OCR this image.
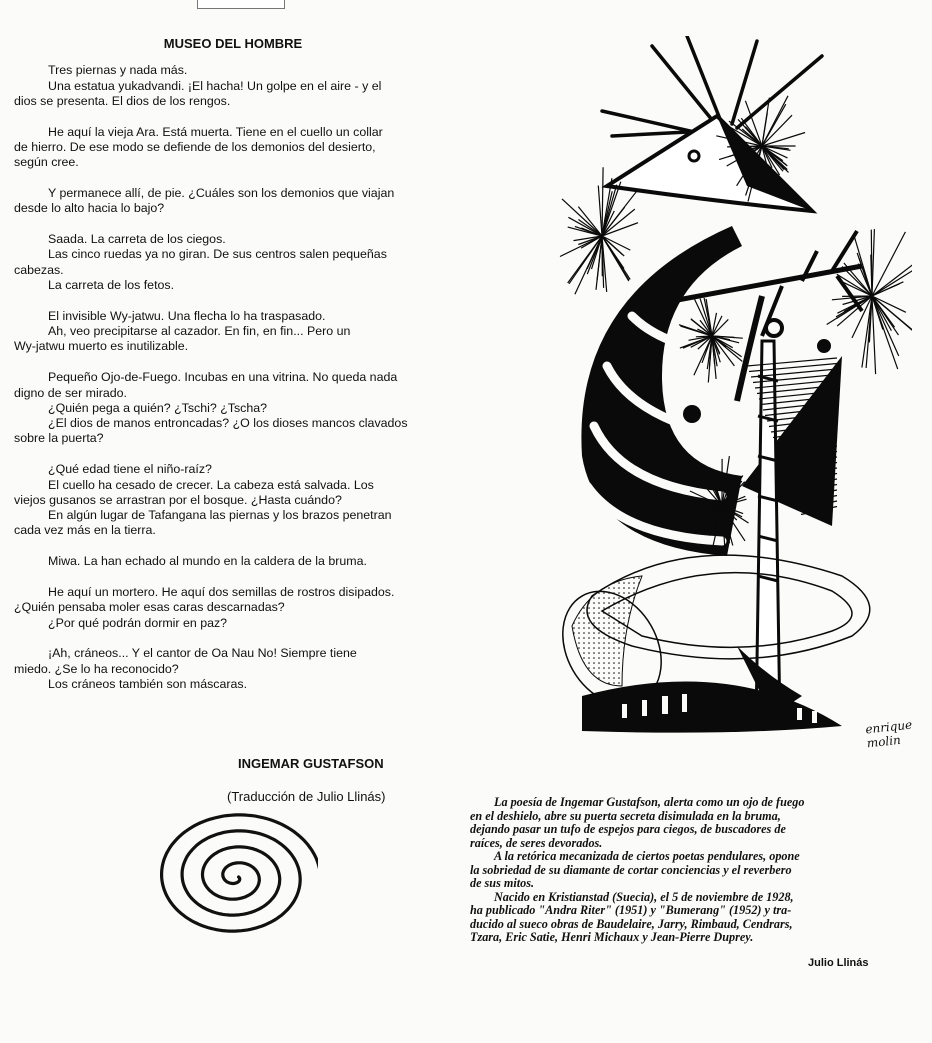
MUSEO DEL HOMBRE
Tres piernas y nada más.
Una estatua yukadvandi. ¡El hacha! Un golpe en el aire - y el
dios se presenta. El dios de los rengos.
He aquí la vieja Ara. Está muerta. Tiene en el cuello un collar
de hierro. De ese modo se defiende de los demonios del desierto,
según cree.
Y permanece allí, de pie. ¿Cuáles son los demonios que viajan
desde lo alto hacia lo bajo?
Saada. La carreta de los ciegos.
Las cinco ruedas ya no giran. De sus centros salen pequeñas
cabezas.
La carreta de los fetos.
El invisible Wy-jatwu. Una flecha lo ha traspasado.
Ah, veo precipitarse al cazador. En fin, en fin... Pero un
Wy-jatwu muerto es inutilizable.
Pequeño Ojo-de-Fuego. Incubas en una vitrina. No queda nada
digno de ser mirado.
¿Quién pega a quién? ¿Tschi? ¿Tscha?
¿El dios de manos entroncadas? ¿O los dioses mancos clavados
sobre la puerta?
¿Qué edad tiene el niño-raíz?
El cuello ha cesado de crecer. La cabeza está salvada. Los
viejos gusanos se arrastran por el bosque. ¿Hasta cuándo?
En algún lugar de Tafangana las piernas y los brazos penetran
cada vez más en la tierra.
Miwa. La han echado al mundo en la caldera de la bruma.
He aquí un mortero. He aquí dos semillas de rostros disipados.
¿Quién pensaba moler esas caras descarnadas?
¿Por qué podrán dormir en paz?
¡Ah, cráneos... Y el cantor de Oa Nau No! Siempre tiene
miedo. ¿Se lo ha reconocido?
Los cráneos también son máscaras.
INGEMAR GUSTAFSON
(Traducción de Julio Llinás)
enrique
molin
La poesía de Ingemar Gustafson, alerta como un ojo de fuego
en el deshielo, abre su puerta secreta disimulada en la bruma,
dejando pasar un tufo de espejos para ciegos, de buscadores de
raíces, de seres devorados.
A la retórica mecanizada de ciertos poetas pendulares, opone
la sobriedad de su diamante de cortar conciencias y el reverbero
de sus mitos.
Nacido en Kristianstad (Suecia), el 5 de noviembre de 1928,
ha publicado "Andra Riter" (1951) y "Bumerang" (1952) y tra-
ducido al sueco obras de Baudelaire, Jarry, Rimbaud, Cendrars,
Tzara, Eric Satie, Henri Michaux y Jean-Pierre Duprey.
Julio Llinás
